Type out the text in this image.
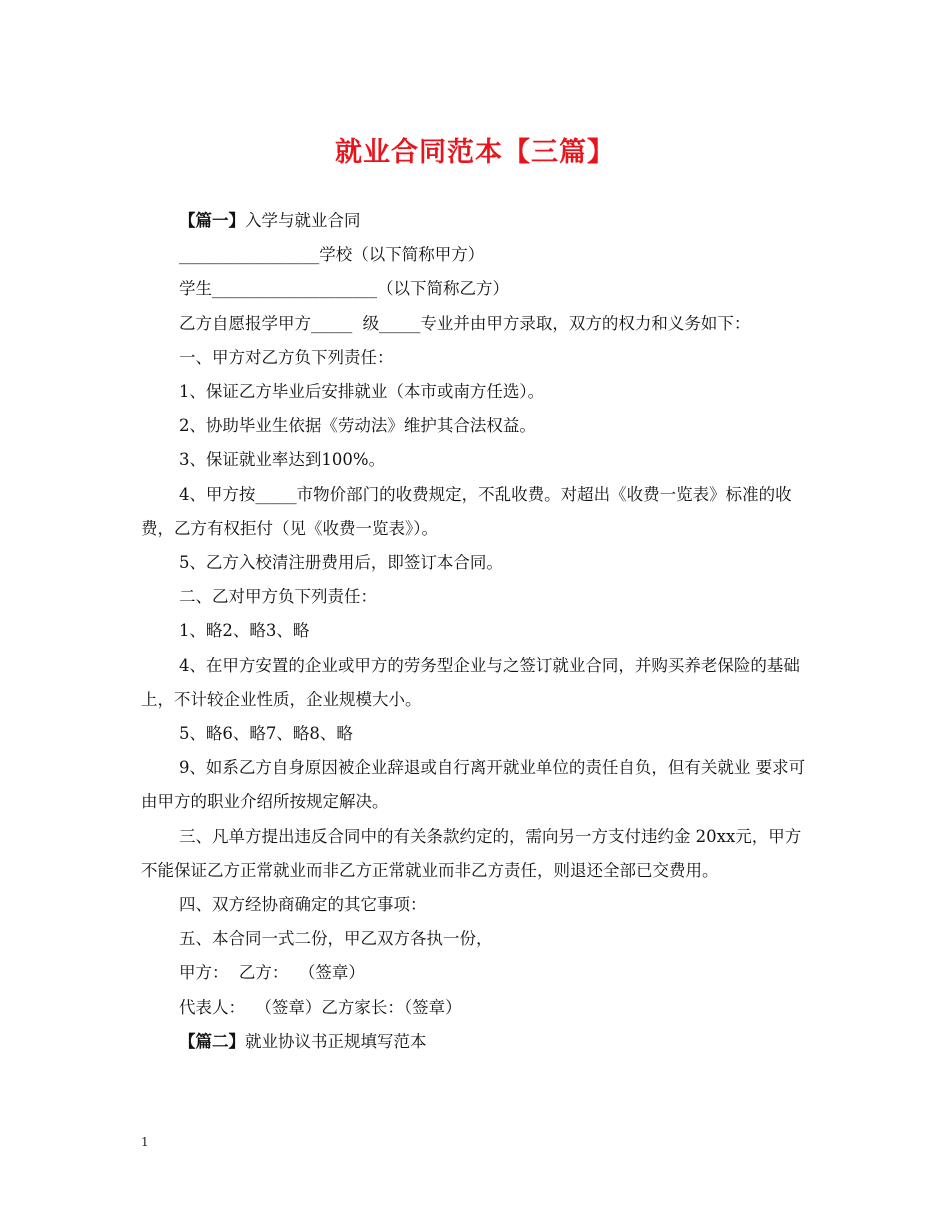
就业合同范本【三篇】

【篇一】入学与就业合同

_________________学校（以下简称甲方）

学生____________________（以下简称乙方）

乙方自愿报学甲方_____  级_____专业并由甲方录取，双方的权力和义务如下：

一、甲方对乙方负下列责任：

1、保证乙方毕业后安排就业（本市或南方任选）。

2、协助毕业生依据《劳动法》维护其合法权益。

3、保证就业率达到100%。

4、甲方按_____市物价部门的收费规定，不乱收费。对超出《收费一览表》标准的收费，乙方有权拒付（见《收费一览表》）。

5、乙方入校清注册费用后，即签订本合同。

二、乙对甲方负下列责任：

1、略2、略3、略

4、在甲方安置的企业或甲方的劳务型企业与之签订就业合同，并购买养老保险的基础上，不计较企业性质，企业规模大小。

5、略6、略7、略8、略

9、如系乙方自身原因被企业辞退或自行离开就业单位的责任自负，但有关就业 要求可由甲方的职业介绍所按规定解决。

三、凡单方提出违反合同中的有关条款约定的，需向另一方支付违约金 20xx元，甲方不能保证乙方正常就业而非乙方正常就业而非乙方责任，则退还全部已交费用。

四、双方经协商确定的其它事项：

五、本合同一式二份，甲乙双方各执一份，

甲方：  乙方：  （签章）

代表人：  （签章）乙方家长：（签章）

【篇二】就业协议书正规填写范本

1
